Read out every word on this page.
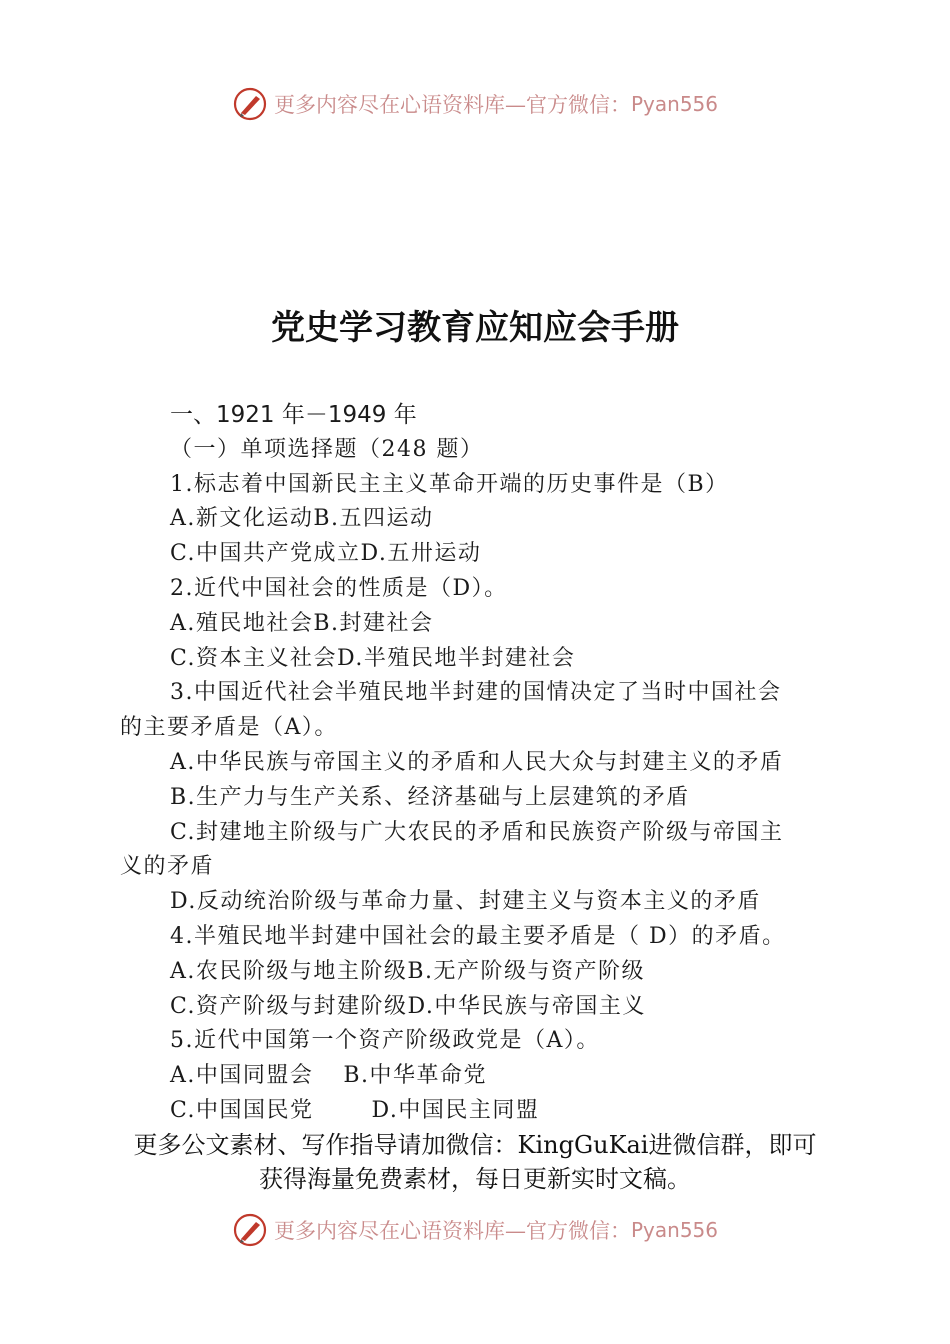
更多内容尽在心语资料库—官方微信： Pyan556
党史学习教育应知应会手册
一、1921 年－1949 年
（一）单项选择题（248 题）
1.标志着中国新民主主义革命开端的历史事件是（B）
A.新文化运动B.五四运动
C.中国共产党成立D.五卅运动
2.近代中国社会的性质是（D）。
A.殖民地社会B.封建社会
C.资本主义社会D.半殖民地半封建社会
3.中国近代社会半殖民地半封建的国情决定了当时中国社会
的主要矛盾是（A）。
A.中华民族与帝国主义的矛盾和人民大众与封建主义的矛盾
B.生产力与生产关系、经济基础与上层建筑的矛盾
C.封建地主阶级与广大农民的矛盾和民族资产阶级与帝国主
义的矛盾
D.反动统治阶级与革命力量、封建主义与资本主义的矛盾
4.半殖民地半封建中国社会的最主要矛盾是（ D）的矛盾。
A.农民阶级与地主阶级B.无产阶级与资产阶级
C.资产阶级与封建阶级D.中华民族与帝国主义
5.近代中国第一个资产阶级政党是（A）。
A.中国同盟会 B.中华革命党
C.中国国民党	D.中国民主同盟
更多公文素材、写作指导请加微信：KingGuKai进微信群，即可
获得海量免费素材，每日更新实时文稿。
更多内容尽在心语资料库—官方微信： Pyan556
